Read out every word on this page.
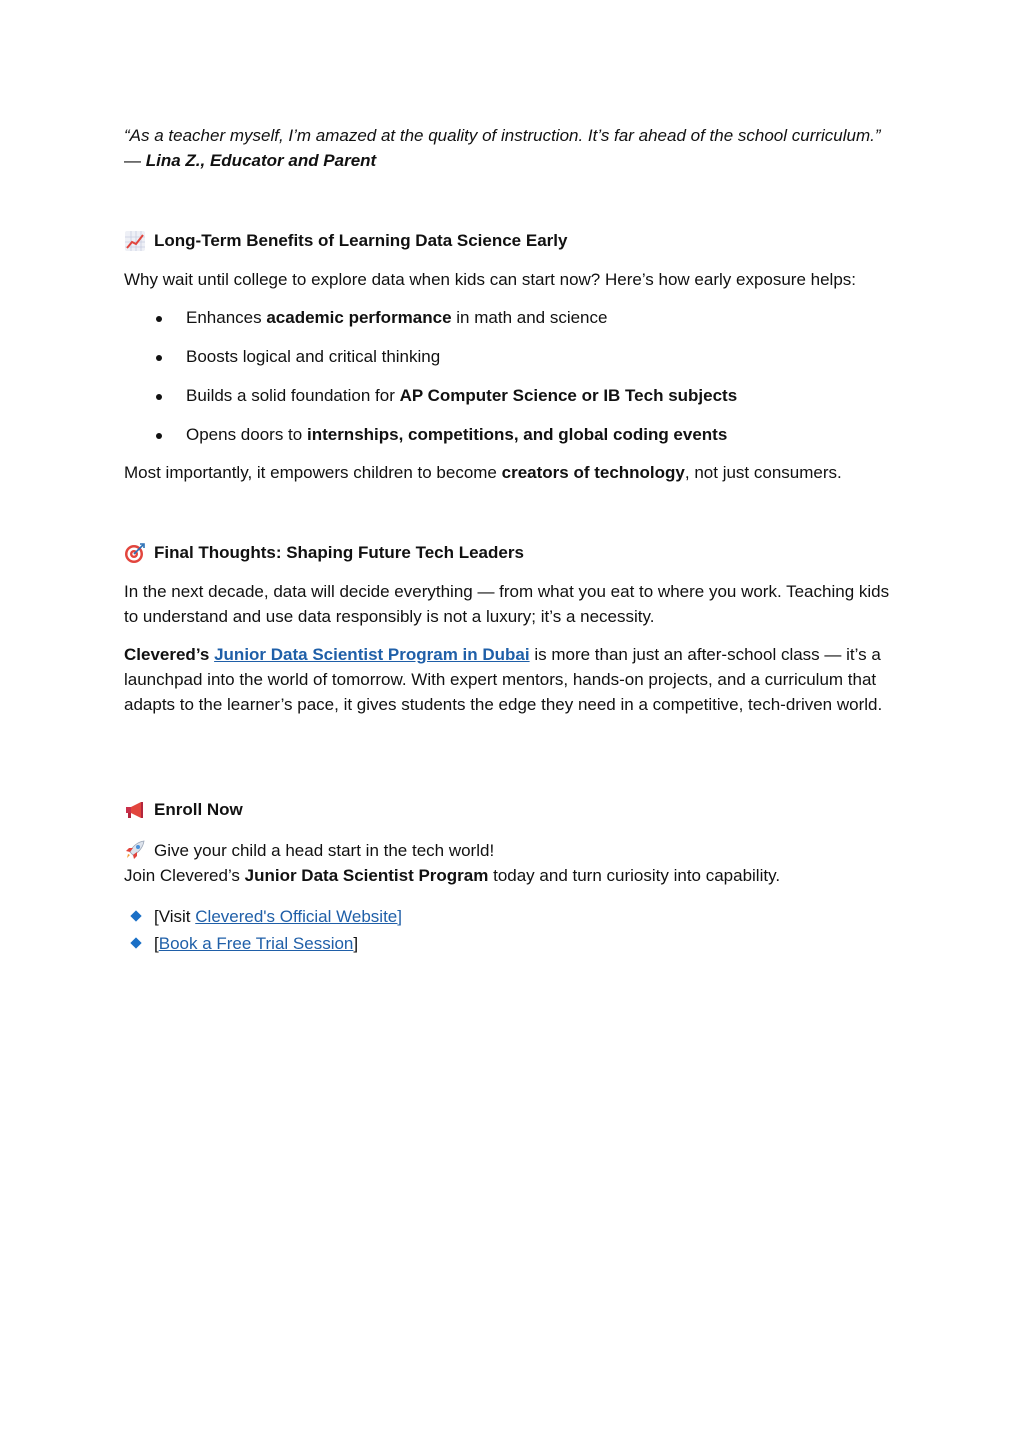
“As a teacher myself, I’m amazed at the quality of instruction. It’s far ahead of the school curriculum.”
— Lina Z., Educator and Parent

Long-Term Benefits of Learning Data Science Early

Why wait until college to explore data when kids can start now? Here’s how early exposure helps:

Enhances academic performance in math and science
Boosts logical and critical thinking
Builds a solid foundation for AP Computer Science or IB Tech subjects
Opens doors to internships, competitions, and global coding events

Most importantly, it empowers children to become creators of technology, not just consumers.

Final Thoughts: Shaping Future Tech Leaders

In the next decade, data will decide everything — from what you eat to where you work. Teaching kids to understand and use data responsibly is not a luxury; it’s a necessity.

Clevered’s Junior Data Scientist Program in Dubai is more than just an after-school class — it’s a launchpad into the world of tomorrow. With expert mentors, hands-on projects, and a curriculum that adapts to the learner’s pace, it gives students the edge they need in a competitive, tech-driven world.

Enroll Now

Give your child a head start in the tech world!
Join Clevered’s Junior Data Scientist Program today and turn curiosity into capability.

[Visit Clevered's Official Website]
[Book a Free Trial Session]
